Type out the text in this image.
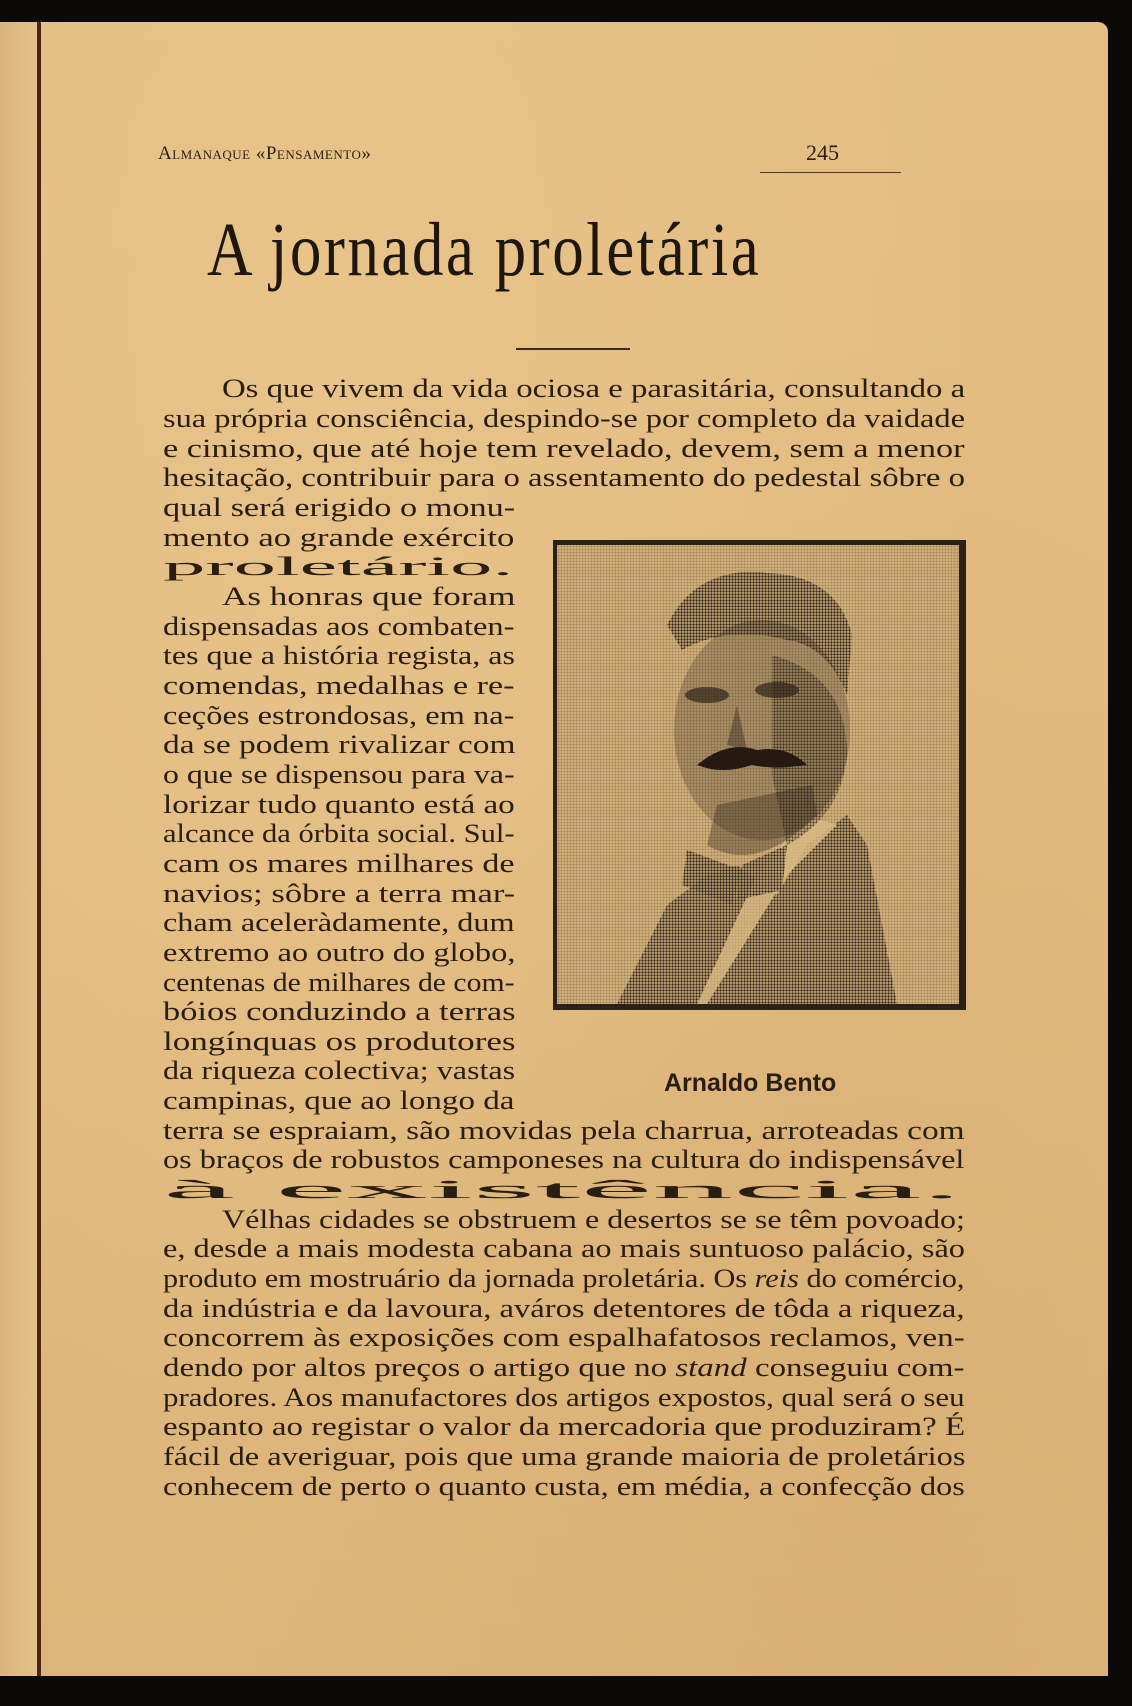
Almanaque «Pensamento»	245
A jornada proletária
Os que vivem da vida ociosa e parasitária, consultando a
sua própria consciência, despindo-se por completo da vaidade
e cinismo, que até hoje tem revelado, devem, sem a menor
hesitação, contribuir para o assentamento do pedestal sôbre o
qual será erigido o monu-
mento ao grande exército
proletário.
As honras que foram
dispensadas aos combaten-
tes que a história regista, as
comendas, medalhas e re-
ceções estrondosas, em na-
da se podem rivalizar com
o que se dispensou para va-
lorizar tudo quanto está ao
alcance da órbita social. Sul-
cam os mares milhares de
navios; sôbre a terra mar-
cham aceleràdamente, dum
extremo ao outro do globo,
centenas de milhares de com-
bóios conduzindo a terras
longínquas os produtores
da riqueza colectiva; vastas
campinas, que ao longo da
terra se espraiam, são movidas pela charrua, arroteadas com
os braços de robustos camponeses na cultura do indispensável
à existência.
Vélhas cidades se obstruem e desertos se se têm povoado;
e, desde a mais modesta cabana ao mais suntuoso palácio, são
produto em mostruário da jornada proletária. Os reis do comércio,
da indústria e da lavoura, aváros detentores de tôda a riqueza,
concorrem às exposições com espalhafatosos reclamos, ven-
dendo por altos preços o artigo que no stand conseguiu com-
pradores. Aos manufactores dos artigos expostos, qual será o seu
espanto ao registar o valor da mercadoria que produziram? É
fácil de averiguar, pois que uma grande maioria de proletários
conhecem de perto o quanto custa, em média, a confecção dos
Arnaldo Bento
